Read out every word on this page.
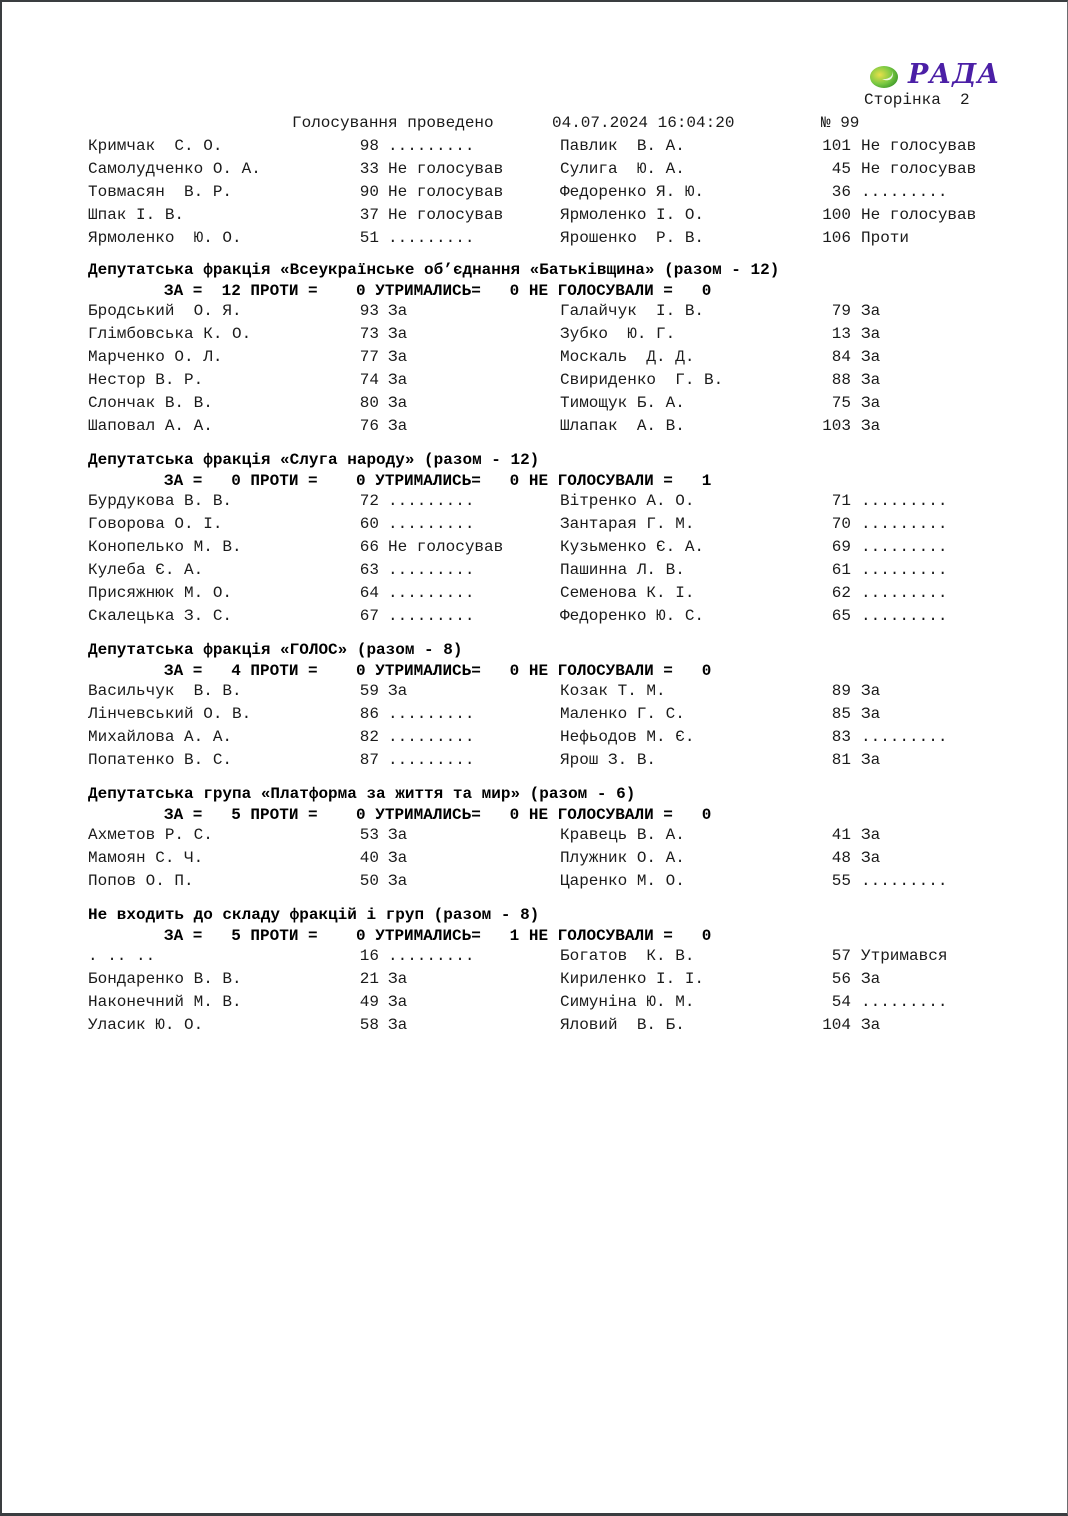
РАДА
Сторінка  2
Голосування проведено	04.07.2024 16:04:20	№ 99
Кримчак  С. О.	98 .........	Павлик  В. А.	101 Не голосував
Самолудченко О. А.	33 Не голосував	Сулига  Ю. А.	45 Не голосував
Товмасян  В. Р.	90 Не голосував	Федоренко Я. Ю.	36 .........
Шпак І. В.	37 Не голосував	Ярмоленко І. О.	100 Не голосував
Ярмоленко  Ю. О.	51 .........	Ярошенко  Р. В.	106 Проти
Депутатська фракція «Всеукраїнське об’єднання «Батьківщина» (разом - 12)
ЗА =  12 ПРОТИ =    0 УТРИМАЛИСЬ=   0 НЕ ГОЛОСУВАЛИ =   0
Бродський  О. Я.	93 За	Галайчук  І. В.	79 За
Глімбовська К. О.	73 За	Зубко  Ю. Г.	13 За
Марченко О. Л.	77 За	Москаль  Д. Д.	84 За
Нестор В. Р.	74 За	Свириденко  Г. В.	88 За
Слончак В. В.	80 За	Тимощук Б. А.	75 За
Шаповал А. А.	76 За	Шлапак  А. В.	103 За
Депутатська фракція «Слуга народу» (разом - 12)
ЗА =   0 ПРОТИ =    0 УТРИМАЛИСЬ=   0 НЕ ГОЛОСУВАЛИ =   1
Бурдукова В. В.	72 .........	Вітренко А. О.	71 .........
Говорова О. І.	60 .........	Зантарая Г. М.	70 .........
Конопелько М. В.	66 Не голосував	Кузьменко Є. А.	69 .........
Кулеба Є. А.	63 .........	Пашинна Л. В.	61 .........
Присяжнюк М. О.	64 .........	Семенова К. І.	62 .........
Скалецька З. С.	67 .........	Федоренко Ю. С.	65 .........
Депутатська фракція «ГОЛОС» (разом - 8)
ЗА =   4 ПРОТИ =    0 УТРИМАЛИСЬ=   0 НЕ ГОЛОСУВАЛИ =   0
Васильчук  В. В.	59 За	Козак Т. М.	89 За
Лінчевський О. В.	86 .........	Маленко Г. С.	85 За
Михайлова А. А.	82 .........	Нефьодов М. Є.	83 .........
Попатенко В. С.	87 .........	Ярош З. В.	81 За
Депутатська група «Платформа за життя та мир» (разом - 6)
ЗА =   5 ПРОТИ =    0 УТРИМАЛИСЬ=   0 НЕ ГОЛОСУВАЛИ =   0
Ахметов Р. С.	53 За	Кравець В. А.	41 За
Мамоян С. Ч.	40 За	Плужник О. А.	48 За
Попов О. П.	50 За	Царенко М. О.	55 .........
Не входить до складу фракцій і груп (разом - 8)
ЗА =   5 ПРОТИ =    0 УТРИМАЛИСЬ=   1 НЕ ГОЛОСУВАЛИ =   0
. .. ..	16 .........	Богатов  К. В.	57 Утримався
Бондаренко В. В.	21 За	Кириленко І. І.	56 За
Наконечний М. В.	49 За	Симуніна Ю. М.	54 .........
Уласик Ю. О.	58 За	Яловий  В. Б.	104 За
